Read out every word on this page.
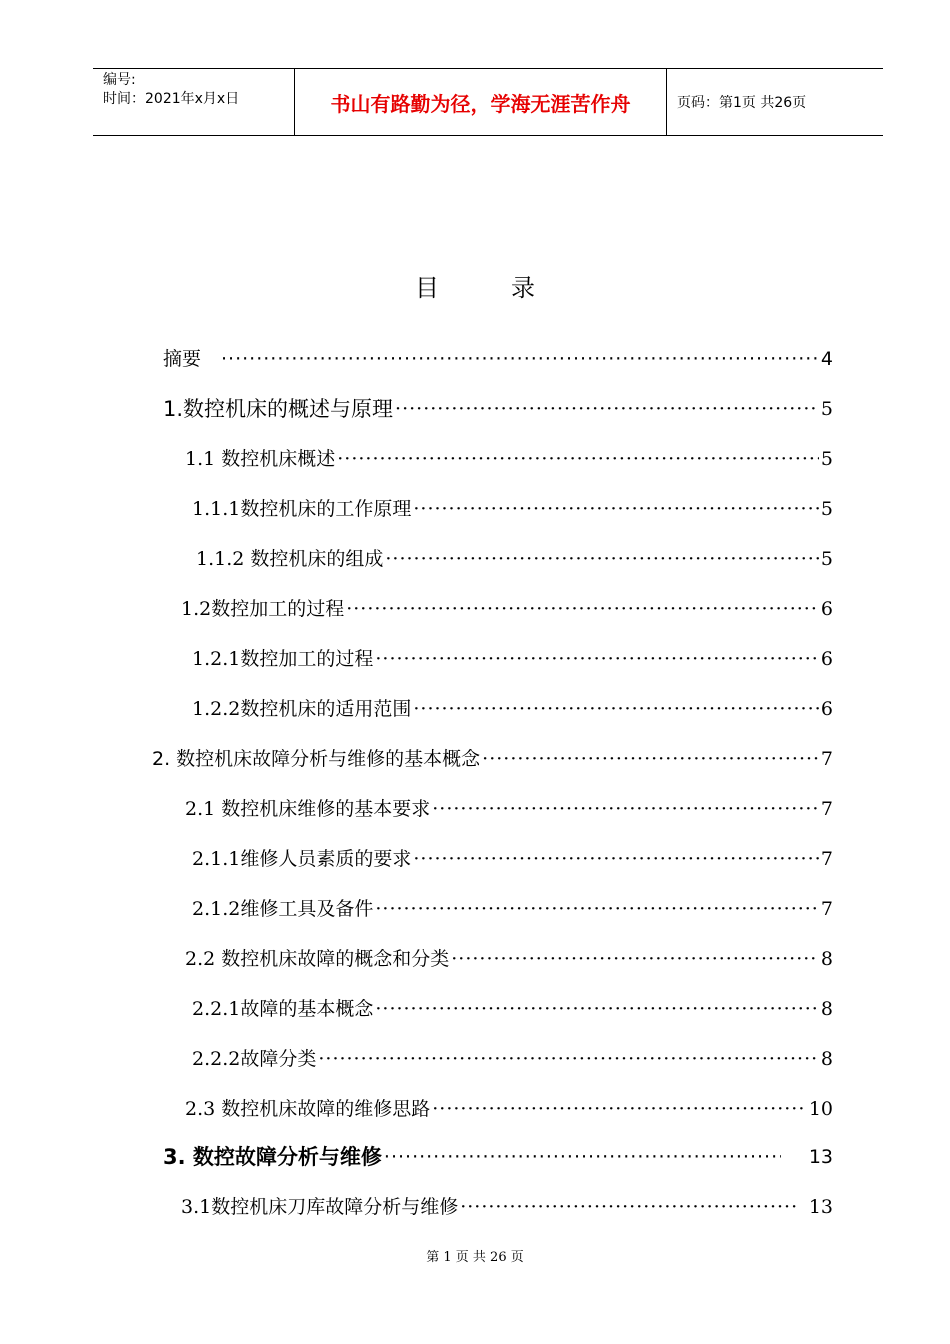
编号:
时间：2021年x月x日	书山有路勤为径，学海无涯苦作舟	页码：第1页 共26页
目	录
摘要 ·····	4
1.数控机床的概述与原理 ·····	5
1.1 数控机床概述 ·····	5
1.1.1数控机床的工作原理 ·····	5
1.1.2 数控机床的组成 ·····	5
1.2数控加工的过程 ·····	6
1.2.1数控加工的过程 ·····	6
1.2.2数控机床的适用范围 ·····	6
2. 数控机床故障分析与维修的基本概念 ·····	7
2.1 数控机床维修的基本要求 ·····	7
2.1.1维修人员素质的要求 ·····	7
2.1.2维修工具及备件 ·····	7
2.2 数控机床故障的概念和分类 ·····	8
2.2.1故障的基本概念 ·····	8
2.2.2故障分类 ·····	8
2.3 数控机床故障的维修思路 ·····	10
3. 数控故障分析与维修 ·····	13
3.1数控机床刀库故障分析与维修 ·····	13
第 1 页 共 26 页
